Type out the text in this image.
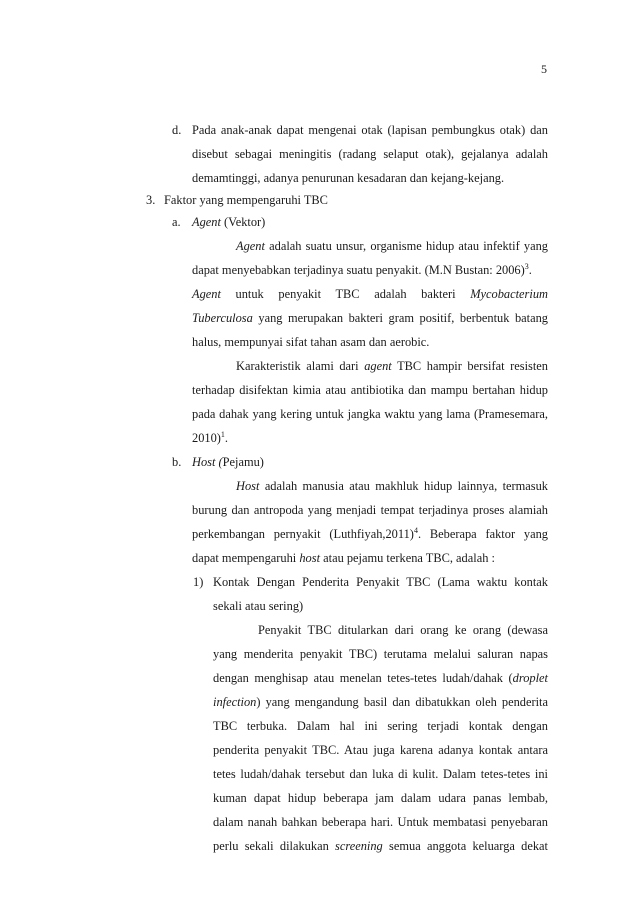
5
d. Pada anak-anak dapat mengenai otak (lapisan pembungkus otak) dan
disebut sebagai meningitis (radang selaput otak), gejalanya adalah
demamtinggi, adanya penurunan kesadaran dan kejang-kejang.
3. Faktor yang mempengaruhi TBC
a. Agent (Vektor)
Agent adalah suatu unsur, organisme hidup atau infektif yang
dapat menyebabkan terjadinya suatu penyakit. (M.N Bustan: 2006)$^3$.
Agent untuk penyakit TBC adalah bakteri Mycobacterium
Tuberculosa yang merupakan bakteri gram positif, berbentuk batang
halus, mempunyai sifat tahan asam dan aerobic.
Karakteristik alami dari agent TBC hampir bersifat resisten
terhadap disifektan kimia atau antibiotika dan mampu bertahan hidup
pada dahak yang kering untuk jangka waktu yang lama (Pramesemara,
2010)$^1$.
b. Host (Pejamu)
Host adalah manusia atau makhluk hidup lainnya, termasuk
burung dan antropoda yang menjadi tempat terjadinya proses alamiah
perkembangan pernyakit (Luthfiyah,2011)$^4$. Beberapa faktor yang
dapat mempengaruhi host atau pejamu terkena TBC, adalah :
1) Kontak Dengan Penderita Penyakit TBC (Lama waktu kontak
sekali atau sering)
Penyakit TBC ditularkan dari orang ke orang (dewasa
yang menderita penyakit TBC) terutama melalui saluran napas
dengan menghisap atau menelan tetes-tetes ludah/dahak (droplet
infection) yang mengandung basil dan dibatukkan oleh penderita
TBC terbuka. Dalam hal ini sering terjadi kontak dengan
penderita penyakit TBC. Atau juga karena adanya kontak antara
tetes ludah/dahak tersebut dan luka di kulit. Dalam tetes-tetes ini
kuman dapat hidup beberapa jam dalam udara panas lembab,
dalam nanah bahkan beberapa hari. Untuk membatasi penyebaran
perlu sekali dilakukan screening semua anggota keluarga dekat
